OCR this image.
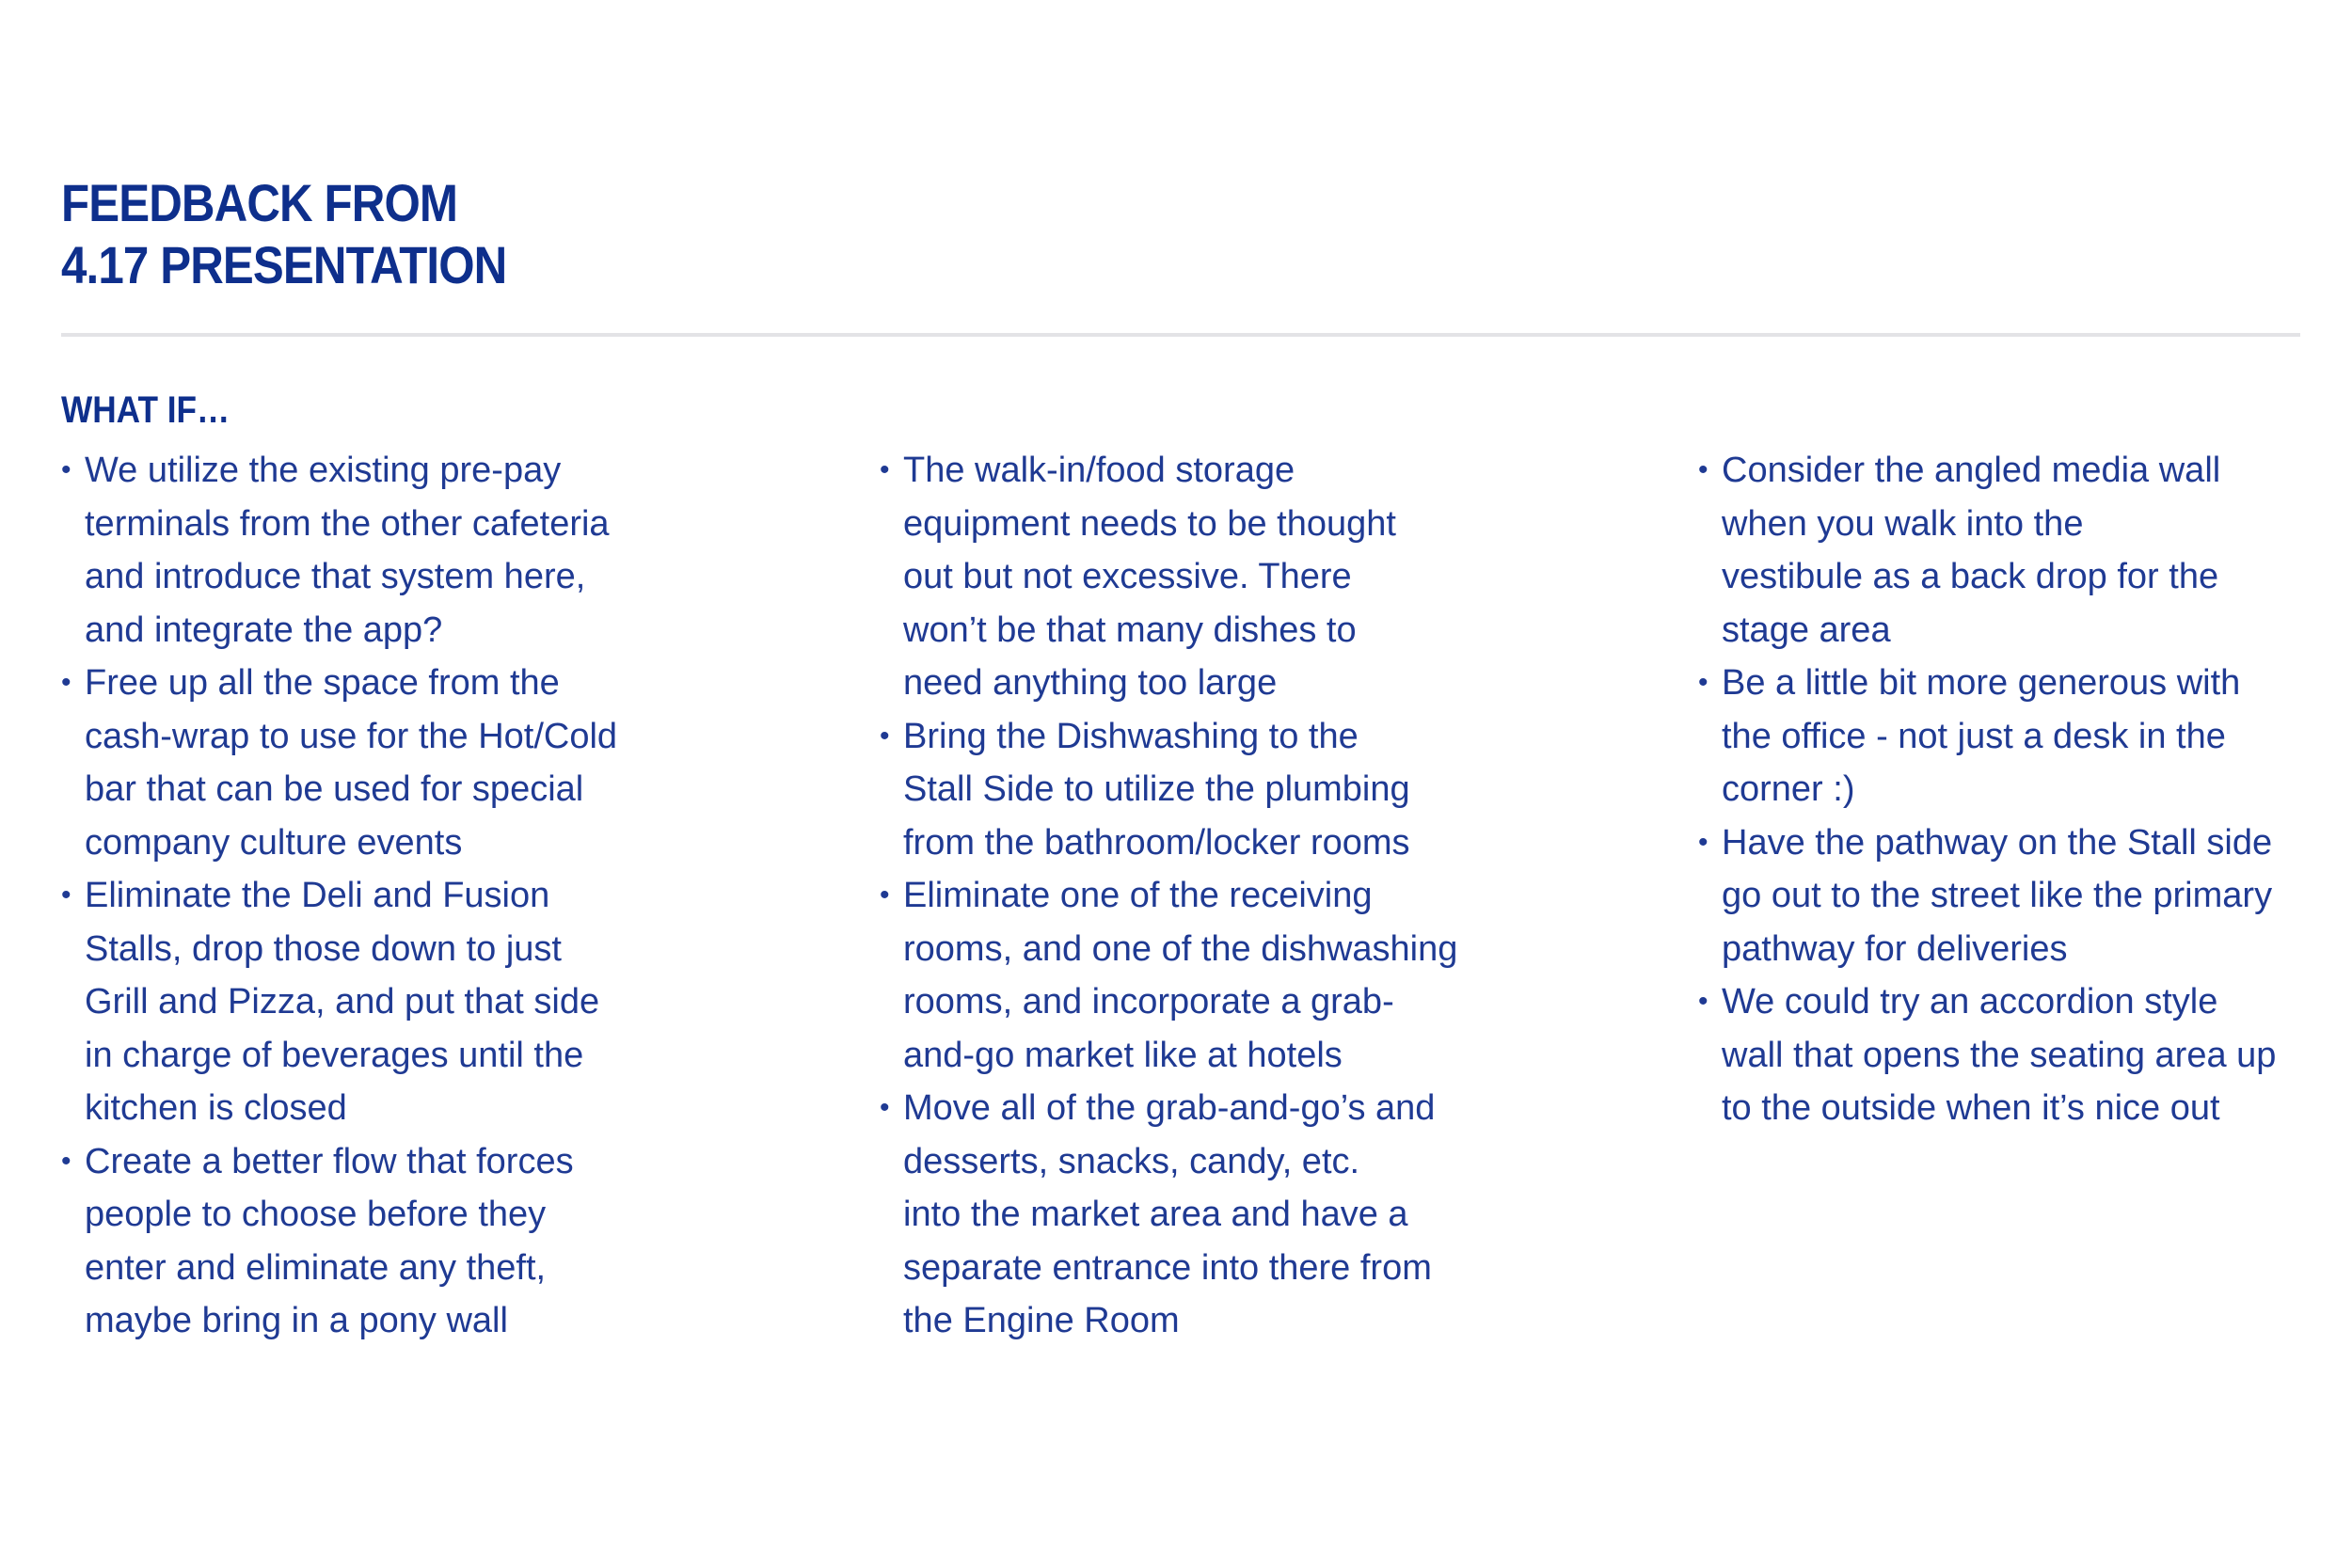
FEEDBACK FROM
4.17 PRESENTATION
WHAT IF…
• We utilize the existing pre-pay
terminals from the other cafeteria
and introduce that system here,
and integrate the app?
• Free up all the space from the
cash-wrap to use for the Hot/Cold
bar that can be used for special
company culture events
• Eliminate the Deli and Fusion
Stalls, drop those down to just
Grill and Pizza, and put that side
in charge of beverages until the
kitchen is closed
• Create a better flow that forces
people to choose before they
enter and eliminate any theft,
maybe bring in a pony wall
• The walk-in/food storage
equipment needs to be thought
out but not excessive. There
won’t be that many dishes to
need anything too large
• Bring the Dishwashing to the
Stall Side to utilize the plumbing
from the bathroom/locker rooms
• Eliminate one of the receiving
rooms, and one of the dishwashing
rooms, and incorporate a grab-
and-go market like at hotels
• Move all of the grab-and-go’s and
desserts, snacks, candy, etc.
into the market area and have a
separate entrance into there from
the Engine Room
• Consider the angled media wall
when you walk into the
vestibule as a back drop for the
stage area
• Be a little bit more generous with
the office - not just a desk in the
corner :)
• Have the pathway on the Stall side
go out to the street like the primary
pathway for deliveries
• We could try an accordion style
wall that opens the seating area up
to the outside when it’s nice out
